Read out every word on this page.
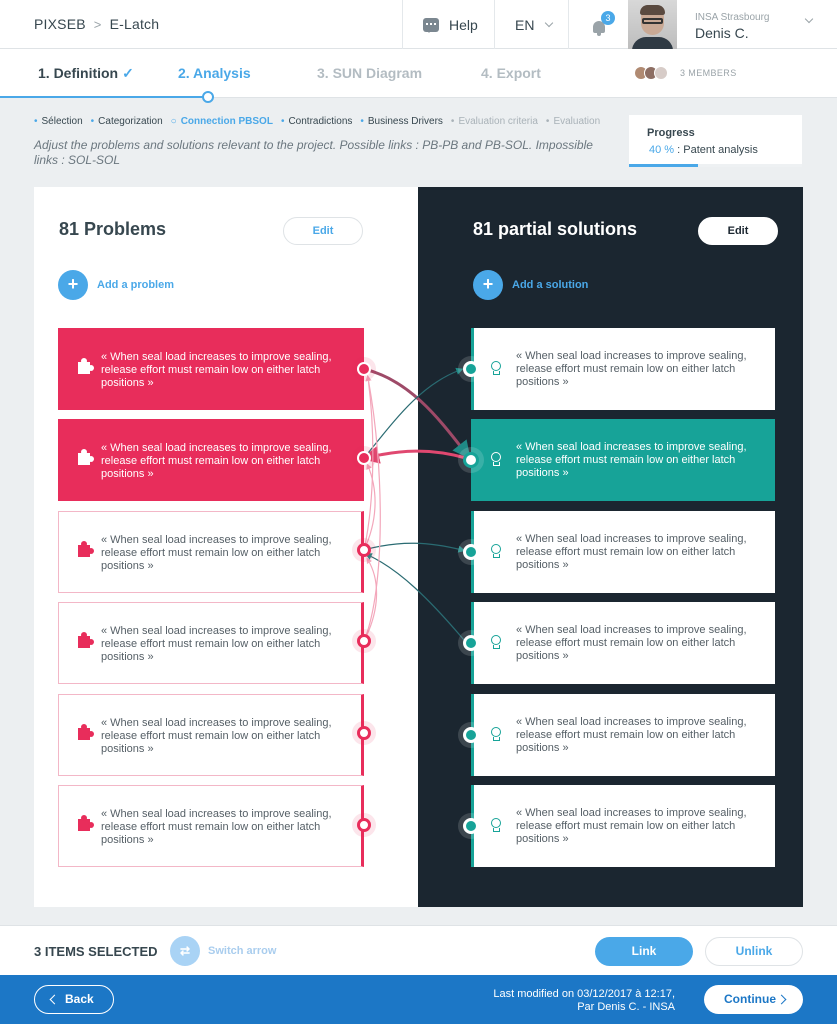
PIXSEB > E-Latch	Help	EN	3	INSA Strasbourg
Denis C.
1. Definition ✓	2. Analysis	3. SUN Diagram	4. Export	3 MEMBERS
• Sélection	• Categorization	○ Connection PBSOL	• Contradictions	• Business Drivers	• Evaluation criteria	• Evaluation
Adjust the problems and solutions relevant to the project. Possible links : PB-PB and PB-SOL. Impossible links : SOL-SOL
Progress
40 % : Patent analysis
81 Problems	Edit
+	Add a problem
« When seal load increases to improve sealing, release effort must remain low on either latch positions »
« When seal load increases to improve sealing, release effort must remain low on either latch positions »
« When seal load increases to improve sealing, release effort must remain low on either latch positions »
« When seal load increases to improve sealing, release effort must remain low on either latch positions »
« When seal load increases to improve sealing, release effort must remain low on either latch positions »
« When seal load increases to improve sealing, release effort must remain low on either latch positions »
81 partial solutions	Edit
+	Add a solution
« When seal load increases to improve sealing, release effort must remain low on either latch positions »
« When seal load increases to improve sealing, release effort must remain low on either latch positions »
« When seal load increases to improve sealing, release effort must remain low on either latch positions »
« When seal load increases to improve sealing, release effort must remain low on either latch positions »
« When seal load increases to improve sealing, release effort must remain low on either latch positions »
« When seal load increases to improve sealing, release effort must remain low on either latch positions »
3 ITEMS SELECTED	⇄	Switch arrow	Link	Unlink
Back	Last modified on 03/12/2017 à 12:17,
Par Denis C. - INSA
Continue
